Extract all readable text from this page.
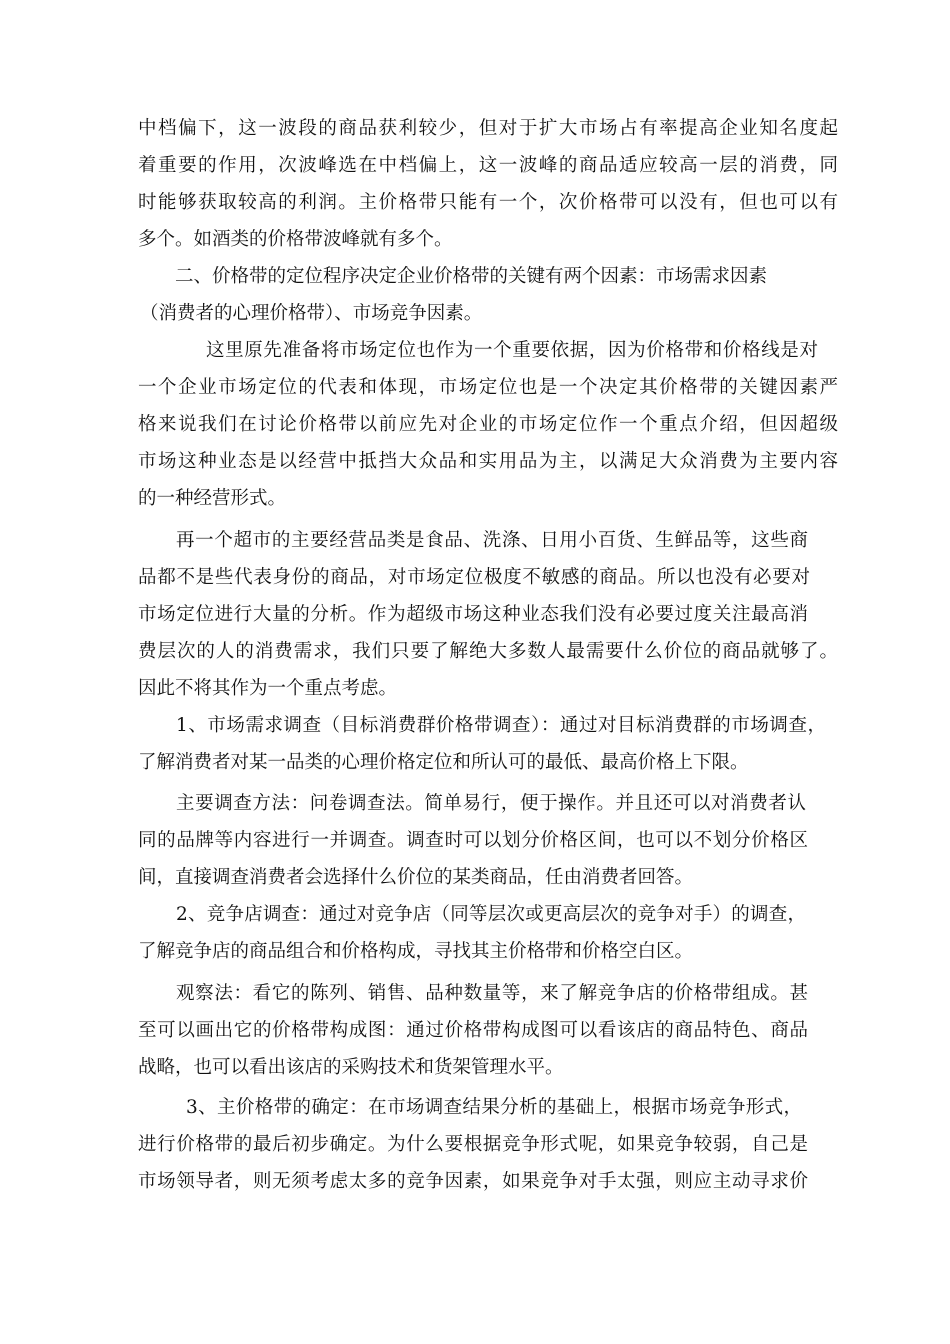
中档偏下，这一波段的商品获利较少，但对于扩大市场占有率提高企业知名度起
着重要的作用，次波峰选在中档偏上，这一波峰的商品适应较高一层的消费，同
时能够获取较高的利润。主价格带只能有一个，次价格带可以没有，但也可以有
多个。如酒类的价格带波峰就有多个。
二、价格带的定位程序决定企业价格带的关键有两个因素：市场需求因素
（消费者的心理价格带）、市场竞争因素。
这里原先准备将市场定位也作为一个重要依据，因为价格带和价格线是对
一个企业市场定位的代表和体现，市场定位也是一个决定其价格带的关键因素严
格来说我们在讨论价格带以前应先对企业的市场定位作一个重点介绍，但因超级
市场这种业态是以经营中抵挡大众品和实用品为主，以满足大众消费为主要内容
的一种经营形式。
再一个超市的主要经营品类是食品、洗涤、日用小百货、生鲜品等，这些商
品都不是些代表身份的商品，对市场定位极度不敏感的商品。所以也没有必要对
市场定位进行大量的分析。作为超级市场这种业态我们没有必要过度关注最高消
费层次的人的消费需求，我们只要了解绝大多数人最需要什么价位的商品就够了。
因此不将其作为一个重点考虑。
1、市场需求调查（目标消费群价格带调查）：通过对目标消费群的市场调查，
了解消费者对某一品类的心理价格定位和所认可的最低、最高价格上下限。
主要调查方法：问卷调查法。简单易行，便于操作。并且还可以对消费者认
同的品牌等内容进行一并调查。调查时可以划分价格区间，也可以不划分价格区
间，直接调查消费者会选择什么价位的某类商品，任由消费者回答。
2、竞争店调查：通过对竞争店（同等层次或更高层次的竞争对手）的调查，
了解竞争店的商品组合和价格构成，寻找其主价格带和价格空白区。
观察法：看它的陈列、销售、品种数量等，来了解竞争店的价格带组成。甚
至可以画出它的价格带构成图：通过价格带构成图可以看该店的商品特色、商品
战略，也可以看出该店的采购技术和货架管理水平。
3、主价格带的确定：在市场调查结果分析的基础上，根据市场竞争形式，
进行价格带的最后初步确定。为什么要根据竞争形式呢，如果竞争较弱，自己是
市场领导者，则无须考虑太多的竞争因素，如果竞争对手太强，则应主动寻求价
